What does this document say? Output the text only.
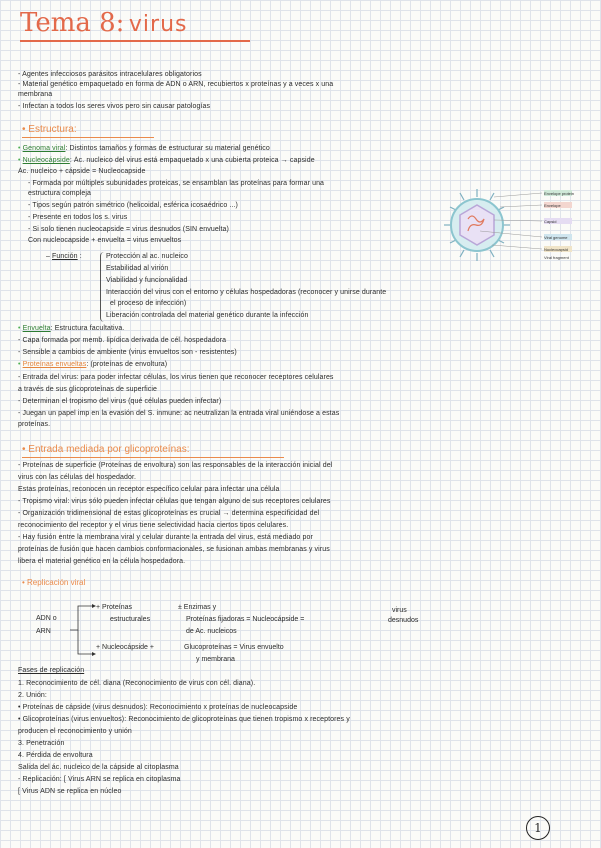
Tema 8: virus
- Agentes infecciosos parásitos intracelulares obligatorios
- Material genético empaquetado en forma de ADN o ARN, recubiertos x proteínas y a veces x una
membrana
- Infectan a todos los seres vivos pero sin causar patologías
• Estructura:
• Genoma viral: Distintos tamaños y formas de estructurar su material genético
• Nucleocápside: Ác. nucleico del virus está empaquetado x una cubierta proteica → capside
Ác. nucleico + cápside = Nucleocapside
- Formada por múltiples subunidades proteicas, se ensamblan las proteínas para formar una
estructura compleja
- Tipos según patrón simétrico (helicoidal, esférica icosaédrico ...)
- Presente en todos los s. virus
- Si solo tienen nucleocapside = virus desnudos (SIN envuelta)
Con nucleocapside + envuelta = virus envueltos
Envelope protein
Envelope
Capsid
Viral genome
Nucleocapsid
Viral fragment
– Función :	Protección al ac. nucleico
Estabilidad al virión
Viabilidad y funcionalidad
Interacción del virus con el entorno y células hospedadoras (reconocer y unirse durante
el proceso de infección)
Liberación controlada del material genético durante la infección
• Envuelta: Estructura facultativa.
- Capa formada por memb. lipídica derivada de cél. hospedadora
- Sensible a cambios de ambiente (virus envueltos son - resistentes)
• Proteínas envueltas: (proteínas de envoltura)
- Entrada del virus: para poder infectar células, los virus tienen que reconocer receptores celulares
a través de sus glicoproteínas de superficie
- Determinan el tropismo del virus (qué células pueden infectar)
- Juegan un papel imp en la evasión del S. inmune: ac neutralizan la entrada viral uniéndose a estas
proteínas.
• Entrada mediada por glicoproteínas:
- Proteínas de superficie (Proteínas de envoltura) son las responsables de la interacción inicial del
virus con las células del hospedador.
Estas proteínas, reconocen un receptor específico celular para infectar una célula
- Tropismo viral: virus sólo pueden infectar células que tengan alguno de sus receptores celulares
- Organización tridimensional de estas glicoproteínas es crucial → determina especificidad del
reconocimiento del receptor y el virus tiene selectividad hacia ciertos tipos celulares.
- Hay fusión entre la membrana viral y celular durante la entrada del virus, está mediado por
proteínas de fusión que hacen cambios conformacionales, se fusionan ambas membranas y virus
libera el material genético en la célula hospedadora.
• Replicación viral
ADN o
ARN
+ Proteínas
estructurales
± Enzimas y
Proteínas fijadoras = Nucleocápside =
de Ac. nucleicos
virus
desnudos
+ Nucleocápside +	Glucoproteínas = Virus envuelto
y membrana
Fases de replicación
1. Reconocimiento de cél. diana (Reconocimiento de virus con cél. diana).
2. Unión:
• Proteínas de cápside (virus desnudos): Reconocimiento x proteínas de nucleocapside
• Glicoproteínas (virus envueltos): Reconocimiento de glicoproteínas que tienen tropismo x receptores y
producen el reconocimiento y unión
3. Penetración
4. Pérdida de envoltura
Salida del ác. nucleico de la cápside al citoplasma
- Replicación: [ Virus ARN se replica en citoplasma
[ Virus ADN se replica en núcleo
1
